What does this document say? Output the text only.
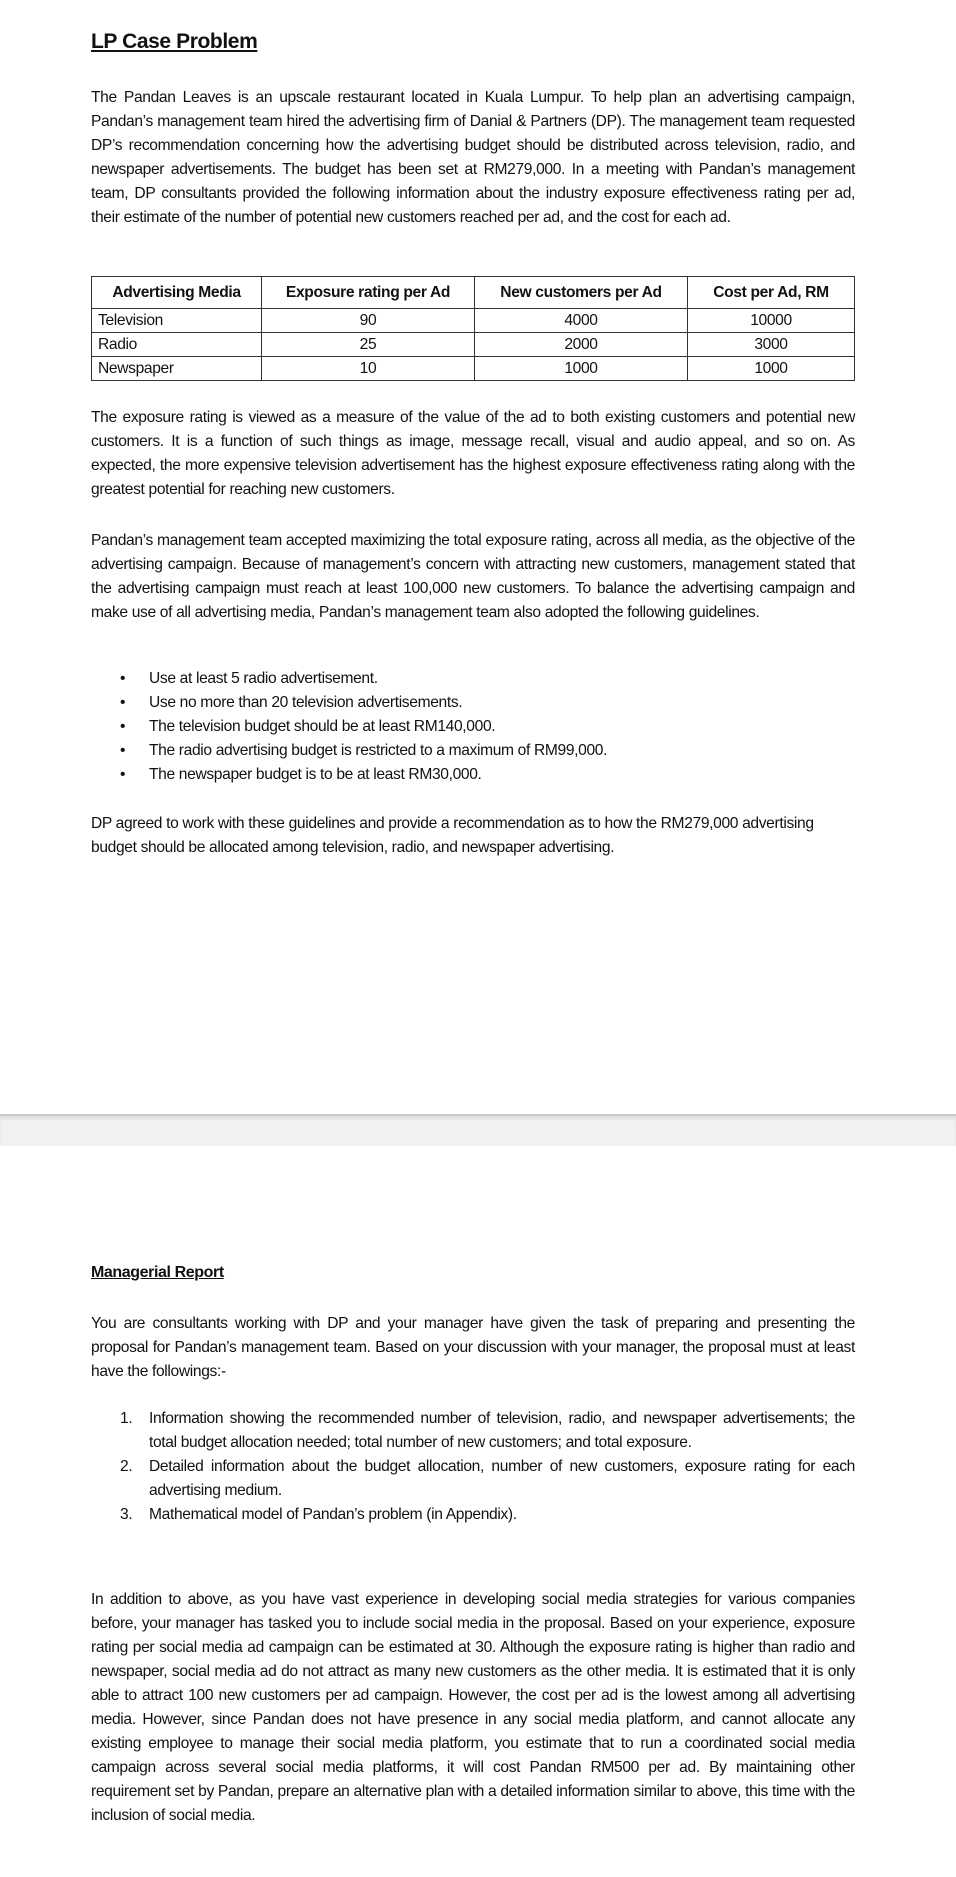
LP Case Problem

The Pandan Leaves is an upscale restaurant located in Kuala Lumpur. To help plan an advertising campaign, Pandan’s management team hired the advertising firm of Danial & Partners (DP). The management team requested DP’s recommendation concerning how the advertising budget should be distributed across television, radio, and newspaper advertisements. The budget has been set at RM279,000. In a meeting with Pandan’s management team, DP consultants provided the following information about the industry exposure effectiveness rating per ad, their estimate of the number of potential new customers reached per ad, and the cost for each ad.

Advertising Media	Exposure rating per Ad	New customers per Ad	Cost per Ad, RM
Television	90	4000	10000
Radio	25	2000	3000
Newspaper	10	1000	1000

The exposure rating is viewed as a measure of the value of the ad to both existing customers and potential new customers. It is a function of such things as image, message recall, visual and audio appeal, and so on. As expected, the more expensive television advertisement has the highest exposure effectiveness rating along with the greatest potential for reaching new customers.

Pandan’s management team accepted maximizing the total exposure rating, across all media, as the objective of the advertising campaign. Because of management’s concern with attracting new customers, management stated that the advertising campaign must reach at least 100,000 new customers. To balance the advertising campaign and make use of all advertising media, Pandan’s management team also adopted the following guidelines.

• Use at least 5 radio advertisement.
• Use no more than 20 television advertisements.
• The television budget should be at least RM140,000.
• The radio advertising budget is restricted to a maximum of RM99,000.
• The newspaper budget is to be at least RM30,000.

DP agreed to work with these guidelines and provide a recommendation as to how the RM279,000 advertising budget should be allocated among television, radio, and newspaper advertising.

Managerial Report

You are consultants working with DP and your manager have given the task of preparing and presenting the proposal for Pandan’s management team. Based on your discussion with your manager, the proposal must at least have the followings:-

1. Information showing the recommended number of television, radio, and newspaper advertisements; the total budget allocation needed; total number of new customers; and total exposure.
2. Detailed information about the budget allocation, number of new customers, exposure rating for each advertising medium.
3. Mathematical model of Pandan’s problem (in Appendix).

In addition to above, as you have vast experience in developing social media strategies for various companies before, your manager has tasked you to include social media in the proposal. Based on your experience, exposure rating per social media ad campaign can be estimated at 30. Although the exposure rating is higher than radio and newspaper, social media ad do not attract as many new customers as the other media. It is estimated that it is only able to attract 100 new customers per ad campaign. However, the cost per ad is the lowest among all advertising media. However, since Pandan does not have presence in any social media platform, and cannot allocate any existing employee to manage their social media platform, you estimate that to run a coordinated social media campaign across several social media platforms, it will cost Pandan RM500 per ad. By maintaining other requirement set by Pandan, prepare an alternative plan with a detailed information similar to above, this time with the inclusion of social media.
